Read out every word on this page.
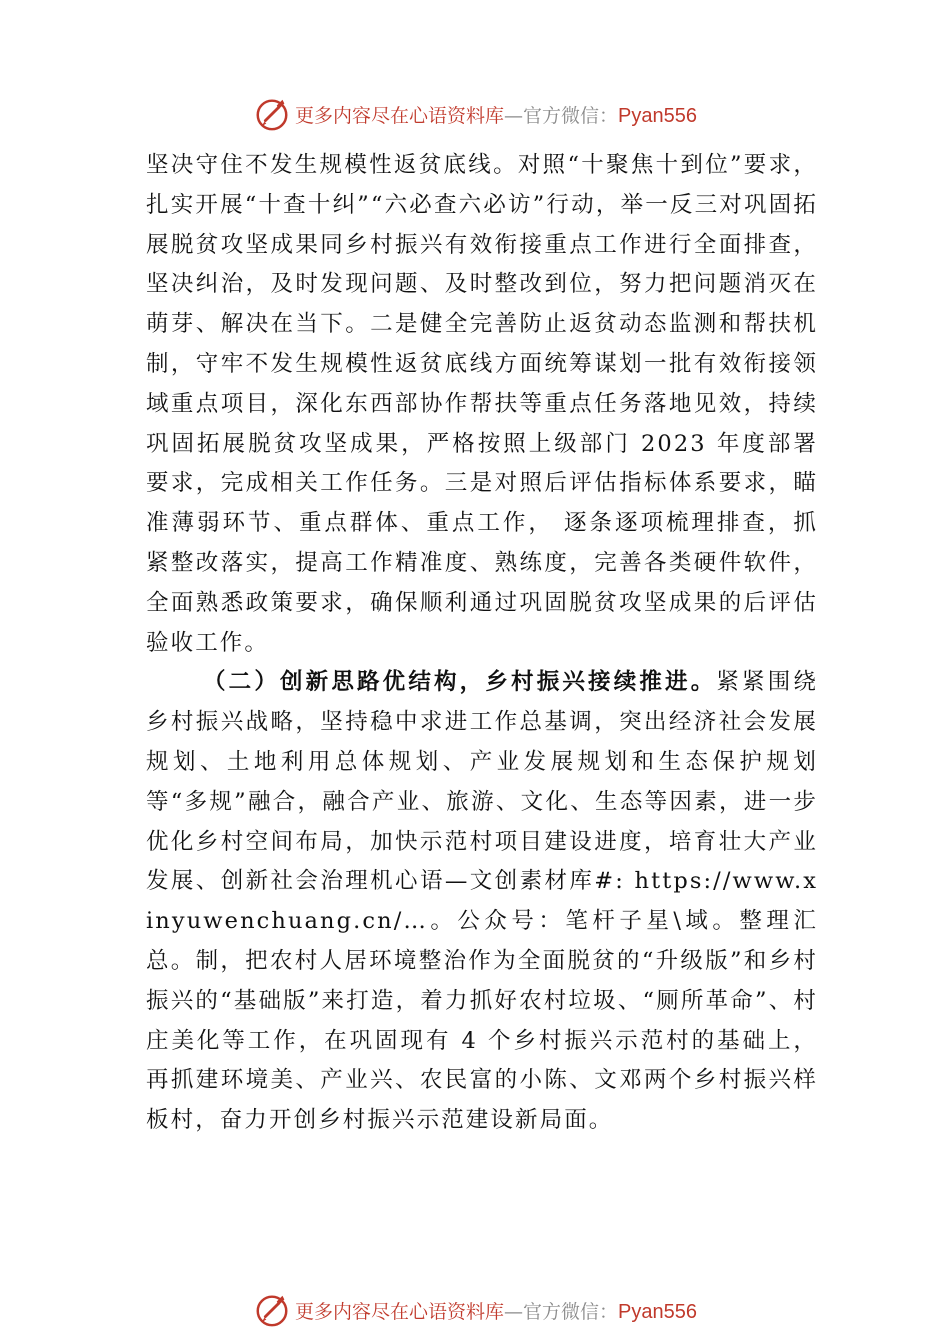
更多内容尽在心语资料库—官方微信：Pyan556

坚决守住不发生规模性返贫底线。对照“十聚焦十到位”要求，扎实开展“十查十纠”“六必查六必访”行动，举一反三对巩固拓展脱贫攻坚成果同乡村振兴有效衔接重点工作进行全面排查，坚决纠治，及时发现问题、及时整改到位，努力把问题消灭在萌芽、解决在当下。二是健全完善防止返贫动态监测和帮扶机制，守牢不发生规模性返贫底线方面统筹谋划一批有效衔接领域重点项目，深化东西部协作帮扶等重点任务落地见效，持续巩固拓展脱贫攻坚成果，严格按照上级部门 2023 年度部署要求，完成相关工作任务。三是对照后评估指标体系要求，瞄准薄弱环节、重点群体、重点工作， 逐条逐项梳理排查，抓紧整改落实，提高工作精准度、熟练度，完善各类硬件软件，全面熟悉政策要求，确保顺利通过巩固脱贫攻坚成果的后评估验收工作。

（二）创新思路优结构，乡村振兴接续推进。紧紧围绕乡村振兴战略，坚持稳中求进工作总基调，突出经济社会发展规划、土地利用总体规划、产业发展规划和生态保护规划等“多规”融合，融合产业、旅游、文化、生态等因素，进一步优化乡村空间布局，加快示范村项目建设进度，培育壮大产业发展、创新社会治理机心语—文创素材库#: https://www.xinyuwenchuang.cn/…。公众号：笔杆子星\域。整理汇总。制，把农村人居环境整治作为全面脱贫的“升级版”和乡村振兴的“基础版”来打造，着力抓好农村垃圾、“厕所革命”、村庄美化等工作，在巩固现有 4 个乡村振兴示范村的基础上，再抓建环境美、产业兴、农民富的小陈、文邓两个乡村振兴样板村，奋力开创乡村振兴示范建设新局面。

更多内容尽在心语资料库—官方微信：Pyan556
